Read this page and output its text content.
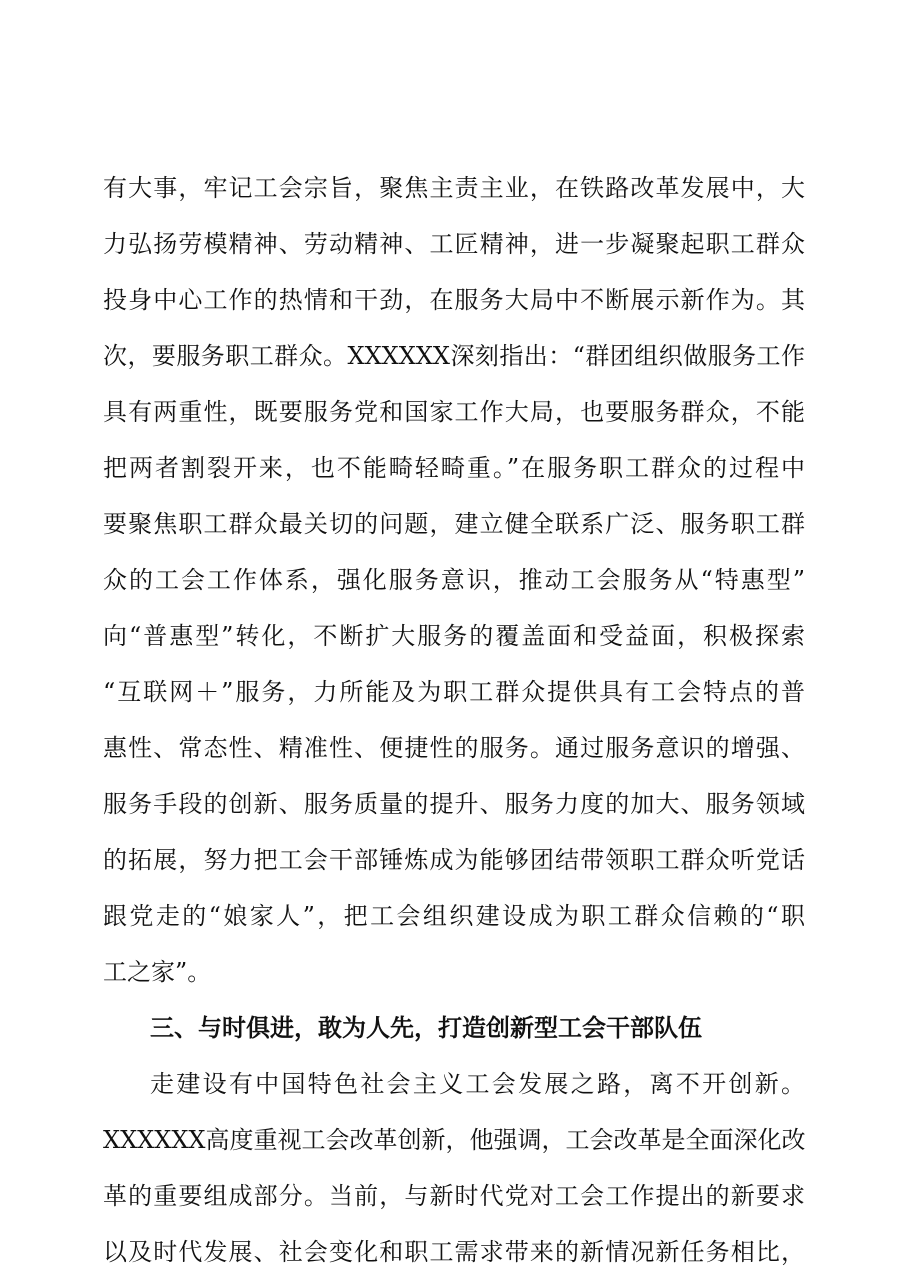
有大事，牢记工会宗旨，聚焦主责主业，在铁路改革发展中，大
力弘扬劳模精神、劳动精神、工匠精神，进一步凝聚起职工群众
投身中心工作的热情和干劲，在服务大局中不断展示新作为。其
次，要服务职工群众。XXXXXX深刻指出：“群团组织做服务工作
具有两重性，既要服务党和国家工作大局，也要服务群众，不能
把两者割裂开来，也不能畸轻畸重。”在服务职工群众的过程中
要聚焦职工群众最关切的问题，建立健全联系广泛、服务职工群
众的工会工作体系，强化服务意识，推动工会服务从“特惠型”
向“普惠型”转化，不断扩大服务的覆盖面和受益面，积极探索
“互联网＋”服务，力所能及为职工群众提供具有工会特点的普
惠性、常态性、精准性、便捷性的服务。通过服务意识的增强、
服务手段的创新、服务质量的提升、服务力度的加大、服务领域
的拓展，努力把工会干部锤炼成为能够团结带领职工群众听党话
跟党走的“娘家人”，把工会组织建设成为职工群众信赖的“职
工之家”。
三、与时俱进，敢为人先，打造创新型工会干部队伍
走建设有中国特色社会主义工会发展之路，离不开创新。
XXXXXX高度重视工会改革创新，他强调，工会改革是全面深化改
革的重要组成部分。当前，与新时代党对工会工作提出的新要求
以及时代发展、社会变化和职工需求带来的新情况新任务相比，
